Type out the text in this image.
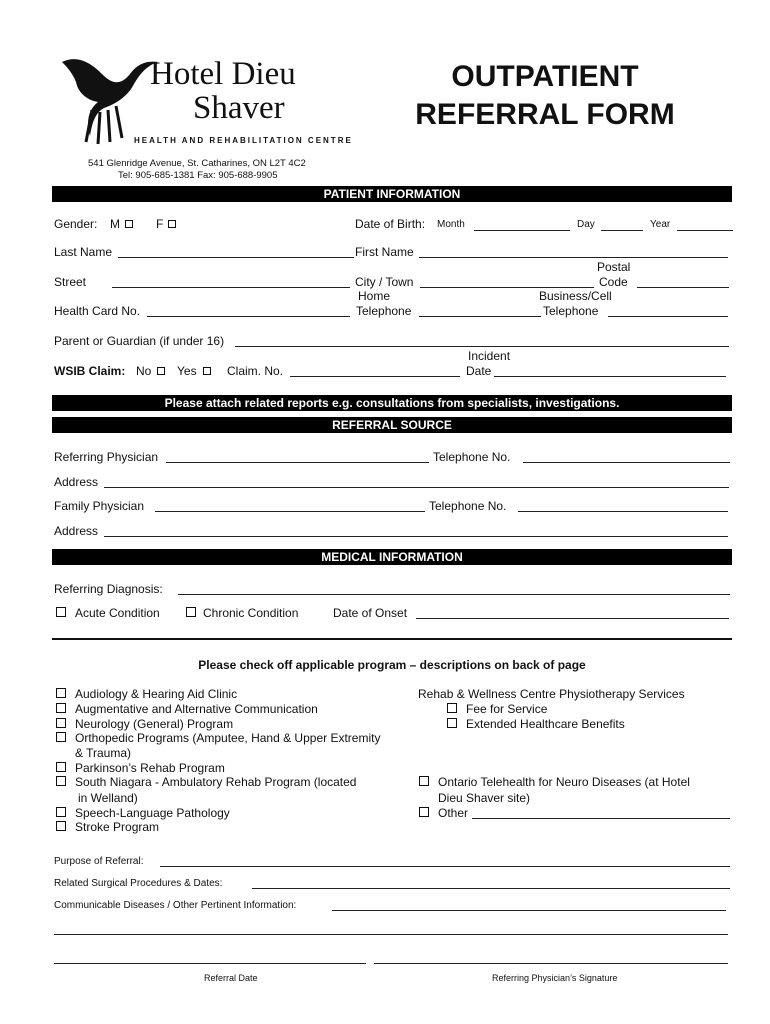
Hotel Dieu
Shaver
HEALTH AND REHABILITATION CENTRE
541 Glenridge Avenue, St. Catharines, ON L2T 4C2
Tel: 905-685-1381 Fax: 905-688-9905
OUTPATIENT
REFERRAL FORM
PATIENT INFORMATION
Gender: M	F	Date of Birth: Month	Day	Year
Last Name	First Name
Postal
Street	City / Town	Code
Home	Business/Cell
Health Card No.	Telephone	Telephone
Parent or Guardian (if under 16)
Incident
WSIB Claim: No Yes	Claim. No.	Date
Please attach related reports e.g. consultations from specialists, investigations.
REFERRAL SOURCE
Referring Physician	Telephone No.
Address
Family Physician	Telephone No.
Address
MEDICAL INFORMATION
Referring Diagnosis:
Acute Condition	Chronic Condition	Date of Onset
Please check off applicable program – descriptions on back of page
Audiology & Hearing Aid Clinic
Augmentative and Alternative Communication
Neurology (General) Program
Orthopedic Programs (Amputee, Hand & Upper Extremity
& Trauma)
Parkinson’s Rehab Program
South Niagara - Ambulatory Rehab Program (located
in Welland)
Speech-Language Pathology
Stroke Program
Rehab & Wellness Centre Physiotherapy Services
Fee for Service
Extended Healthcare Benefits
Ontario Telehealth for Neuro Diseases (at Hotel
Dieu Shaver site)
Other
Purpose of Referral:
Related Surgical Procedures & Dates:
Communicable Diseases / Other Pertinent Information:
Referral Date	Referring Physician’s Signature
